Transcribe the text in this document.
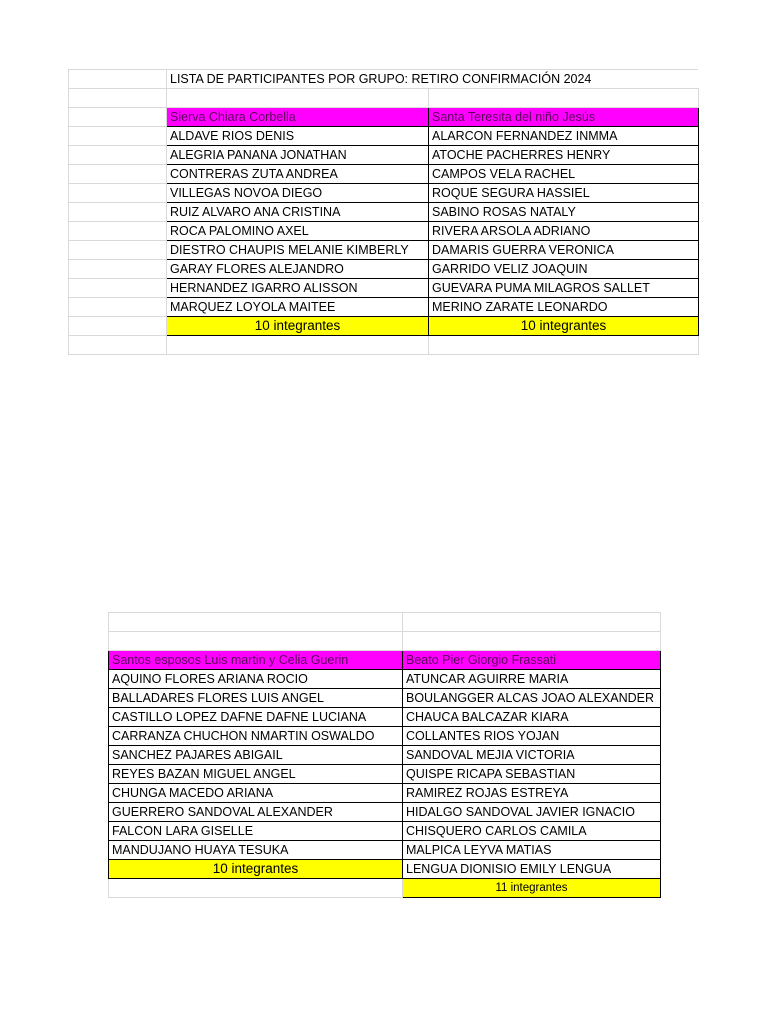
	LISTA DE PARTICIPANTES POR GRUPO: RETIRO CONFIRMACIÓN 2024	

	Sierva Chiara Corbella	Santa Teresita del niño Jesús
	ALDAVE RIOS DENIS	ALARCON FERNANDEZ INMMA
	ALEGRIA PANANA JONATHAN	ATOCHE PACHERRES HENRY
	CONTRERAS ZUTA ANDREA	CAMPOS VELA RACHEL
	VILLEGAS NOVOA DIEGO	ROQUE SEGURA HASSIEL
	RUIZ ALVARO ANA CRISTINA	SABINO ROSAS NATALY
	ROCA PALOMINO AXEL	RIVERA ARSOLA ADRIANO
	DIESTRO CHAUPIS MELANIE KIMBERLY	DAMARIS GUERRA VERONICA
	GARAY FLORES ALEJANDRO	GARRIDO VELIZ JOAQUIN
	HERNANDEZ IGARRO ALISSON	GUEVARA PUMA MILAGROS SALLET
	MARQUEZ LOYOLA MAITEE	MERINO ZARATE LEONARDO
	10 integrantes	10 integrantes

Santos esposos Luis martin y Celia Guerin	Beato Pier Giorgio Frassati
AQUINO FLORES ARIANA ROCIO	ATUNCAR AGUIRRE MARIA
BALLADARES FLORES LUIS ANGEL	BOULANGGER ALCAS JOAO ALEXANDER
CASTILLO LOPEZ DAFNE DAFNE LUCIANA	CHAUCA BALCAZAR KIARA
CARRANZA CHUCHON NMARTIN OSWALDO	COLLANTES RIOS YOJAN
SANCHEZ PAJARES ABIGAIL	SANDOVAL MEJIA VICTORIA
REYES BAZAN MIGUEL ANGEL	QUISPE RICAPA SEBASTIAN
CHUNGA MACEDO ARIANA	RAMIREZ ROJAS ESTREYA
GUERRERO SANDOVAL ALEXANDER	HIDALGO SANDOVAL JAVIER IGNACIO
FALCON LARA GISELLE	CHISQUERO CARLOS CAMILA
MANDUJANO HUAYA TESUKA	MALPICA LEYVA MATIAS
10 integrantes	LENGUA DIONISIO EMILY LENGUA
	11 integrantes
